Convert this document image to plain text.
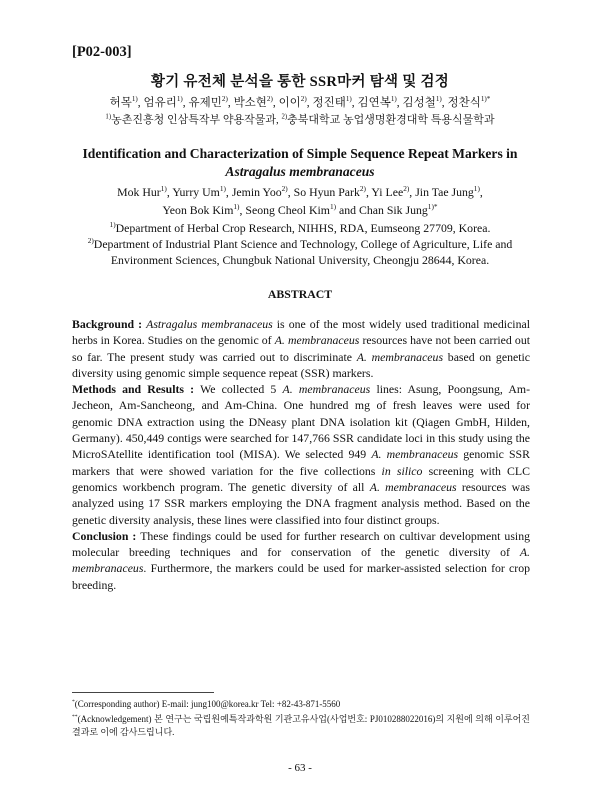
[P02-003]
황기 유전체 분석을 통한 SSR마커 탐색 및 검정
허목$^{1)}$, 엄유리$^{1)}$, 유제민$^{2)}$, 박소현$^{2)}$, 이이$^{2)}$, 정진태$^{1)}$, 김연복$^{1)}$, 김성철$^{1)}$, 정찬식$^{1)*}$
$^{1)}$농촌진흥청 인삼특작부 약용작물과, $^{2)}$충북대학교 농업생명환경대학 특용식물학과
Identification and Characterization of Simple Sequence Repeat Markers in
Astragalus membranaceus
Mok Hur$^{1)}$, Yurry Um$^{1)}$, Jemin Yoo$^{2)}$, So Hyun Park$^{2)}$, Yi Lee$^{2)}$, Jin Tae Jung$^{1)}$,
Yeon Bok Kim$^{1)}$, Seong Cheol Kim$^{1)}$ and Chan Sik Jung$^{1)*}$
$^{1)}$Department of Herbal Crop Research, NIHHS, RDA, Eumseong 27709, Korea.
$^{2)}$Department of Industrial Plant Science and Technology, College of Agriculture, Life and
Environment Sciences, Chungbuk National University, Cheongju 28644, Korea.
ABSTRACT

Background : Astragalus membranaceus is one of the most widely used traditional medicinal herbs in Korea. Studies on the genomic of A. membranaceus resources have not been carried out so far. The present study was carried out to discriminate A. membranaceus based on genetic diversity using genomic simple sequence repeat (SSR) markers.

Methods and Results : We collected 5 A. membranaceus lines: Asung, Poongsung, Am-Jecheon, Am-Sancheong, and Am-China. One hundred mg of fresh leaves were used for genomic DNA extraction using the DNeasy plant DNA isolation kit (Qiagen GmbH, Hilden, Germany). 450,449 contigs were searched for 147,766 SSR candidate loci in this study using the MicroSAtellite identification tool (MISA). We selected 949 A. membranaceus genomic SSR markers that were showed variation for the five collections in silico screening with CLC genomics workbench program. The genetic diversity of all A. membranaceus resources was analyzed using 17 SSR markers employing the DNA fragment analysis method. Based on the genetic diversity analysis, these lines were classified into four distinct groups.

Conclusion : These findings could be used for further research on cultivar development using molecular breeding techniques and for conservation of the genetic diversity of A. membranaceus. Furthermore, the markers could be used for marker-assisted selection for crop breeding.

*(Corresponding author) E-mail: jung100@korea.kr Tel: +82-43-871-5560
**(Acknowledgement) 본 연구는 국립원예특작과학원 기관고유사업(사업번호: PJ010288022016)의 지원에 의해 이루어진 결과로 이에 감사드립니다.
- 63 -
